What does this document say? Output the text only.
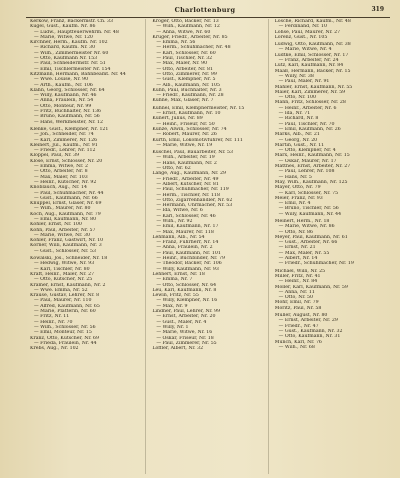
Charlottenburg	319
Kerkow, Franz, Bäckermstr. Ch. 33
Kugel, Gust., Kaufm. Nr. 86
— Ludw., Hauptfeuerwehrm. Nr. 48
— Marie, Witwe, Nr. 120
Kirchner, Herm., Kaufm. Nr. 102
— Richard, Kaufm. Nr. 30
— Wilh., Zimmermeister Nr. 60
— Otto, Kaufmann Nr. 153
— Paul, Schneidermstr. Nr. 51
— Emil, Tischlermeister Nr. 154
Kitzmann, Hermann, Bahnbeamt. Nr. 44
— Wwe. Louise, Nr. 90
— Arth., Kaufm., Nr. 106
Klähn, Georg, Schlosser, Nr. 64
— Willy, Kaufmann, Nr. 46
— Anna, Fräulein, Nr. 54
— Otto, Monteur, Nr. 99
— Fritz, Buchhalter, Nr. 136
— Bruno, Kaufmann, Nr. 56
— Hans, Werkmeister, Nr. 12
Klenke, Gust., Klempner, Nr. 121
— Joh., Schneider, Nr. 74
— Karl, Zimmerer, Nr. 126
Kleinert, Jul., Kaufm., Nr. 91
— Friedr., Lehrer, Nr. 112
Klöppel, Paul, Nr. 39
Klose, Ernst, Schlosser, Nr. 20
— Emma, Witwe, Nr. 2
— Otto, Arbeiter, Nr. 8
— Max, Maler, Nr. 103
— Heinr., Kutscher, Nr. 92
Knoblauch, Aug., Nr. 14
— Paul, Schuhmacher, Nr. 44
— Gust., Kaufmann, Nr. 66
Knüppel, Ernst, Glaser, Nr. 69
— Wilh., Maurer, Nr. 80
Koch, Aug., Kaufmann, Nr. 79
— Emil, Kaufmann, Nr. 80
Köhler, Ernst, Nr. 100
Köhn, Paul, Arbeiter, Nr. 57
— Marie, Witwe, Nr. 30
Köhler, Franz, Gastwirt, Nr. 10
Körner, Willi, Kaufmann, Nr. 3
— Gust., Schlosser, Nr. 53
Kowalski, Jos., Schneider, Nr. 18
— Hedwig, Witwe, Nr. 93
— Karl, Tischler, Nr. 80
Kraft, Heinr., Maler, Nr. 27
— Otto, Kutscher, Nr. 25
Krämer, Ernst, Kaufmann, Nr. 2
— Wwe. Emma, Nr. 52
Krause, Gustav, Lehrer, Nr. 8
— Paul, Maurer, Nr. 110
— Alfred, Kaufmann, Nr. 65
— Marie, Plätterin, Nr. 60
— Fritz, Nr. 11
— Heinr., Nr. 70
— Wilh., Schlosser, Nr. 56
— Emil, Monteur, Nr. 15
Kranz, Otto, Kutscher, Nr. 69
— Frieda, Fräulein, Nr. 44
Krebs, Aug., Nr. 102
Kröger, Otto, Bäcker, Nr. 13
— Wilh., Kaufmann, Nr. 12
— Anna, Witwe, Nr. 60
Krüger, Friedr., Arbeiter, Nr. 85
— Emma, Nr. 56
— Herm., Schuhmacher, Nr. 48
— Karl, Schlosser, Nr. 60
— Paul, Tischler, Nr. 32
— Max, Maler, Nr. 90
— Otto, Arbeiter, Nr. 81
— Otto, Zimmerer, Nr. 99
— Gust., Klempner, Nr. 5
— Alb., Kaufmann, Nr. 105
Kuhn, Paul, Buchhalter, Nr. 3
— Friedr., Kaufmann, Nr. 28
Kühne, Max, Glaser, Nr. 7
Kühnel, Emil, Klempnermeister, Nr. 15
— Ernst, Kaufmann, Nr. 10
Kunert, Julius, Nr. 89
— Heinr., Friseur, Nr. 50
Kunze, Alwin, Schlosser, Nr. 74
— Robert, Maurer, Nr. 26
Kurth, Emil, Lokomotivführer, Nr. 111
— Marie, Witwe, Nr. 19
Kuschel, Paul, Bauarbeiter, Nr. 53
— Wilh., Arbeiter, Nr. 19
— Hans, Kaufmann, Nr. 2
— Otto, Nr. 62
Lange, Aug., Kaufmann, Nr. 29
— Friedr., Arbeiter, Nr. 49
— Albert, Kutscher, Nr. 81
— Paul, Schuhmacher, Nr. 119
— Herm., Tischler, Nr. 118
— Otto, Zigarrenhändler, Nr. 62
— Hermann, Uhrmacher, Nr. 53
— Ida, Witwe, Nr. 6
— Karl, Schlosser, Nr. 46
— Wilh., Nr. 92
— Emil, Kaufmann, Nr. 17
— Max, Maurer, Nr. 118
Lehmann, Alb., Nr. 54
— Franz, Fuhrherr, Nr. 14
— Anna, Fräulein, Nr. 2
— Paul, Kaufmann, Nr. 101
— Heinr., Buchbinder, Nr. 79
— Theodor, Bäcker, Nr. 106
— Willy, Kaufmann, Nr. 93
Lehnert, Ernst, Nr. 18
— Emma, Nr. 7
— Otto, Schlosser, Nr. 64
Leu, Karl, Kaufmann, Nr. 8
Lewin, Fritz, Nr. 55
— Willy, Klempner, Nr. 16
— Max, Nr. 9
Lindner, Paul, Lehrer, Nr. 99
— Ernst, Arbeiter, Nr. 20
— Gust., Maler, Nr. 4
— Willy, Nr. 1
— Marie, Witwe, Nr. 16
— Oskar, Friseur, Nr. 18
— Paul, Zimmerer, Nr. 55
Löffler, Albert, Nr. 32
Lösche, Richard, Kaufm., Nr. 48
— Ferdinand, Nr. 10
Lohse, Paul, Maurer, Nr. 27
Lorenz, Gust., Nr. 105
Ludwig, Otto, Kaufmann, Nr. 38
— Marie, Witwe, Nr. 4
Lüdtke, Emil, Schlosser, Nr. 17
— Franz, Arbeiter, Nr. 24
Lutz, Karl, Kaufmann, Nr. 84
Maaß, Hermann, Bäcker, Nr. 15
— Willy, Nr. 38
— Paul, Maler, Nr. 91
Mahler, Ernst, Kaufmann, Nr. 55
Maier, Karl, Zimmerer, Nr. 59
— Otto, Nr. 100
Mann, Fritz, Schlosser, Nr. 28
— Heinr., Arbeiter, Nr. 6
— Ida, Nr. 71
— Richard, Nr. 8
— Paul, Tischler, Nr. 70
— Emil, Kaufmann, Nr. 26
Marks, Alb., Nr. 21
— Georg, Nr. 20
Martin, Gust., Nr. 11
— Otto, Klempner, Nr. 4
Marx, Heinr., Kaufmann, Nr. 15
— Oskar, Maurer, Nr. 17
Matthes, Ernst, Arbeiter, Nr. 27
— Paul, Lehrer, Nr. 108
— Hans, Nr. 5
May, Wilh., Kaufmann, Nr. 125
Mayer, Otto, Nr. 79
— Karl, Schlosser, Nr. 75
Meier, Franz, Nr. 93
— Emil, Nr. 4
— Bruno, Tischler, Nr. 56
— Willy, Kaufmann, Nr. 44
Meinert, Herm., Nr. 18
— Marie, Witwe, Nr. 86
— Otto, Nr. 86
Meyer, Paul, Kaufmann, Nr. 61
— Gust., Arbeiter, Nr. 66
— Ernst, Nr. 21
— Max, Maler, Nr. 55
— Albert, Nr. 14
— Friedr., Schuhmacher, Nr. 19
Michael, Willi, Nr. 25
Miller, Fritz, Nr. 41
— Heinr., Nr. 84
Möller, Karl, Kaufmann, Nr. 59
— Anna, Nr. 11
— Otto, Nr. 50
Mohr, Emil, Nr. 79
Moritz, Paul, Nr. 58
Müller, August, Nr. 80
— Ernst, Arbeiter, Nr. 29
— Friedr., Nr. 47
— Gust., Kaufmann, Nr. 32
— Otto, Kaufmann, Nr. 31
Münch, Karl, Nr. 76
— Wilh., Nr. 68
